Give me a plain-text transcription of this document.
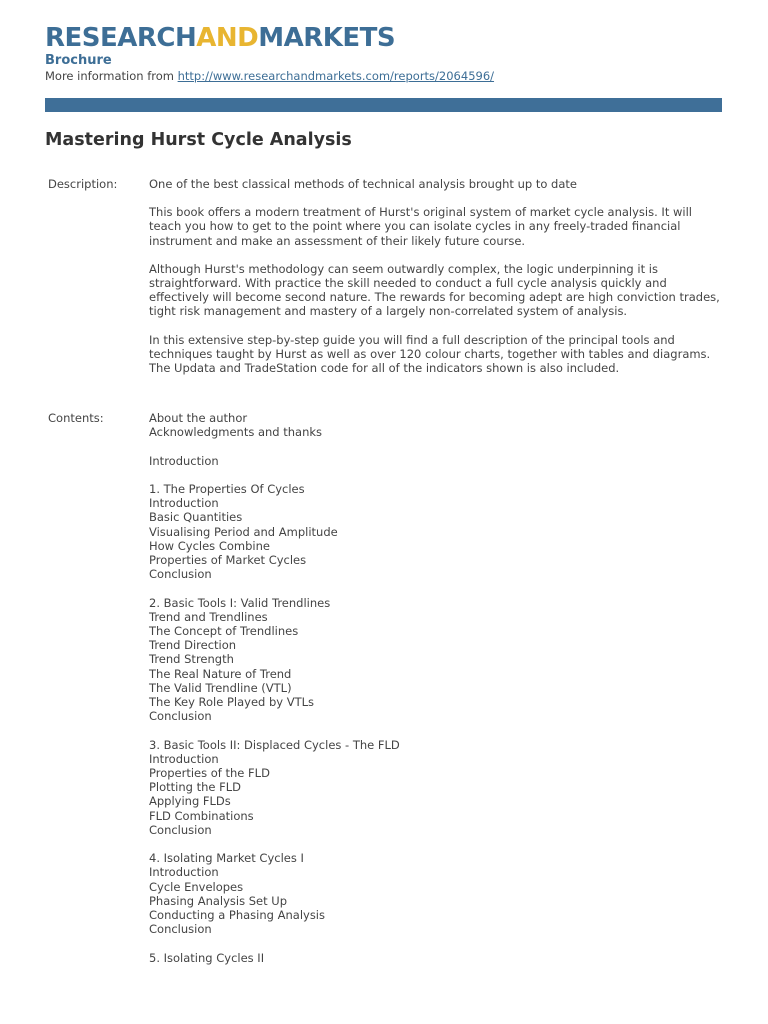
RESEARCHANDMARKETS
Brochure
More information from http://www.researchandmarkets.com/reports/2064596/
Mastering Hurst Cycle Analysis
Description:	One of the best classical methods of technical analysis brought up to date

This book offers a modern treatment of Hurst's original system of market cycle analysis. It will teach you how to get to the point where you can isolate cycles in any freely-traded financial instrument and make an assessment of their likely future course.

Although Hurst's methodology can seem outwardly complex, the logic underpinning it is straightforward. With practice the skill needed to conduct a full cycle analysis quickly and effectively will become second nature. The rewards for becoming adept are high conviction trades, tight risk management and mastery of a largely non-correlated system of analysis.

In this extensive step-by-step guide you will find a full description of the principal tools and techniques taught by Hurst as well as over 120 colour charts, together with tables and diagrams. The Updata and TradeStation code for all of the indicators shown is also included.

Contents:	About the author
Acknowledgments and thanks
Introduction
1. The Properties Of Cycles
Introduction
Basic Quantities
Visualising Period and Amplitude
How Cycles Combine
Properties of Market Cycles
Conclusion
2. Basic Tools I: Valid Trendlines
Trend and Trendlines
The Concept of Trendlines
Trend Direction
Trend Strength
The Real Nature of Trend
The Valid Trendline (VTL)
The Key Role Played by VTLs
Conclusion
3. Basic Tools II: Displaced Cycles - The FLD
Introduction
Properties of the FLD
Plotting the FLD
Applying FLDs
FLD Combinations
Conclusion
4. Isolating Market Cycles I
Introduction
Cycle Envelopes
Phasing Analysis Set Up
Conducting a Phasing Analysis
Conclusion
5. Isolating Cycles II
